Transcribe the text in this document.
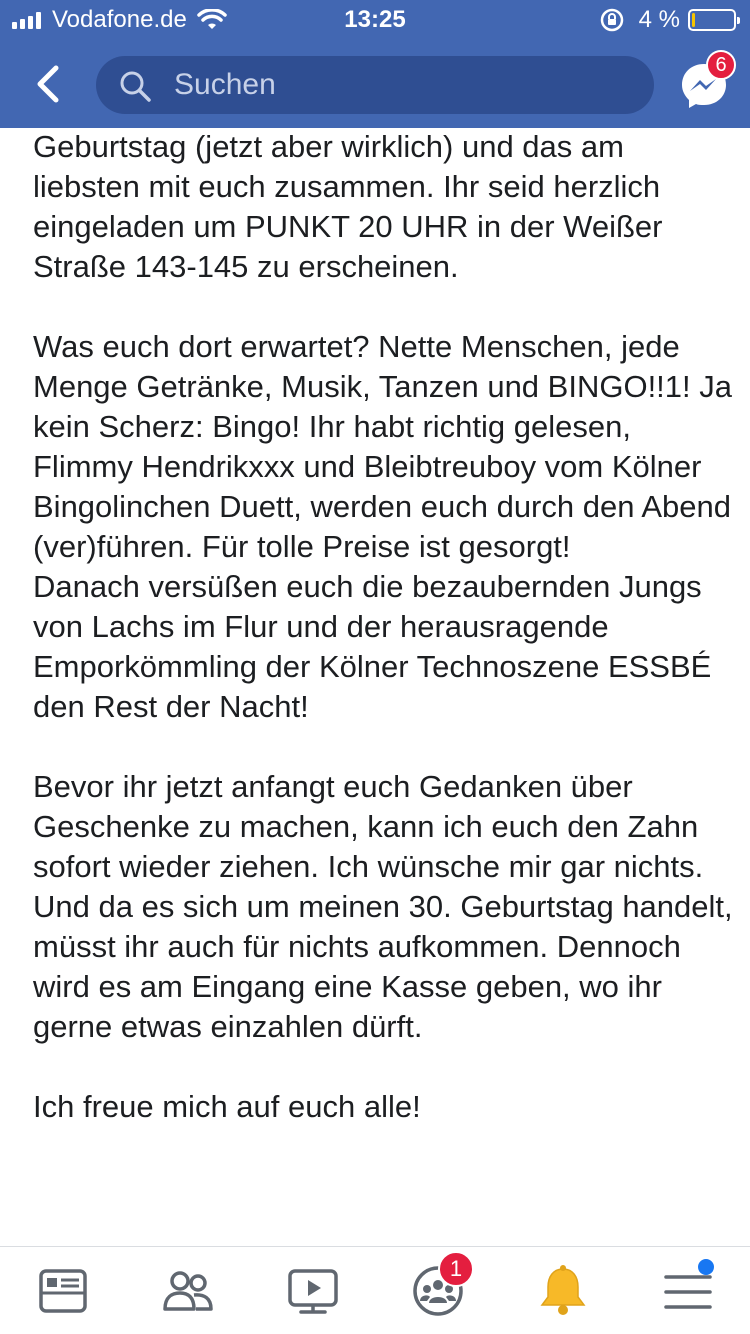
Vodafone.de	13:25	4 %
Suchen
6

Geburtstag (jetzt aber wirklich) und das am liebsten mit euch zusammen. Ihr seid herzlich eingeladen um PUNKT 20 UHR in der Weißer Straße 143-145 zu erscheinen.

Was euch dort erwartet? Nette Menschen, jede Menge Getränke, Musik, Tanzen und BINGO!!1! Ja kein Scherz: Bingo! Ihr habt richtig gelesen, Flimmy Hendrikxxx und Bleibtreuboy vom Kölner Bingolinchen Duett, werden euch durch den Abend (ver)führen. Für tolle Preise ist gesorgt!

Danach versüßen euch die bezaubernden Jungs von Lachs im Flur und der herausragende Emporkömmling der Kölner Technoszene ESSBÉ den Rest der Nacht!

Bevor ihr jetzt anfangt euch Gedanken über Geschenke zu machen, kann ich euch den Zahn sofort wieder ziehen. Ich wünsche mir gar nichts. Und da es sich um meinen 30. Geburtstag handelt, müsst ihr auch für nichts aufkommen. Dennoch wird es am Eingang eine Kasse geben, wo ihr gerne etwas einzahlen dürft.

Ich freue mich auf euch alle!

1
